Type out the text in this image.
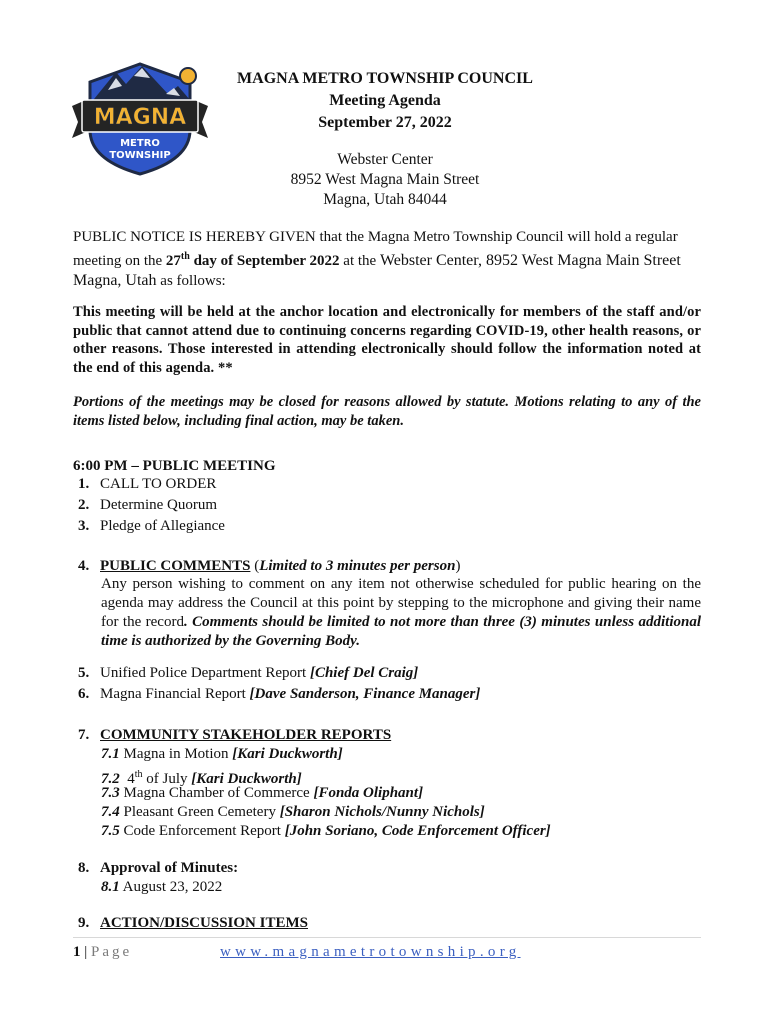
MAGNA
METRO
TOWNSHIP
MAGNA METRO TOWNSHIP COUNCIL
Meeting Agenda
September 27, 2022
Webster Center
8952 West Magna Main Street
Magna, Utah 84044
PUBLIC NOTICE IS HEREBY GIVEN that the Magna Metro Township Council will hold a regular
meeting on the 27th day of September 2022 at the Webster Center, 8952 West Magna Main Street
Magna, Utah as follows:
This meeting will be held at the anchor location and electronically for members of the staff and/or public that cannot attend due to continuing concerns regarding COVID-19, other health reasons, or other reasons. Those interested in attending electronically should follow the information noted at the end of this agenda. **
Portions of the meetings may be closed for reasons allowed by statute. Motions relating to any of the items listed below, including final action, may be taken.
6:00 PM – PUBLIC MEETING
1. CALL TO ORDER
2. Determine Quorum
3. Pledge of Allegiance
4. PUBLIC COMMENTS (Limited to 3 minutes per person)
Any person wishing to comment on any item not otherwise scheduled for public hearing on the agenda may address the Council at this point by stepping to the microphone and giving their name for the record. Comments should be limited to not more than three (3) minutes unless additional time is authorized by the Governing Body.
5. Unified Police Department Report [Chief Del Craig]
6. Magna Financial Report [Dave Sanderson, Finance Manager]
7. COMMUNITY STAKEHOLDER REPORTS
7.1 Magna in Motion [Kari Duckworth]
7.2  4th of July [Kari Duckworth]
7.3 Magna Chamber of Commerce [Fonda Oliphant]
7.4 Pleasant Green Cemetery [Sharon Nichols/Nunny Nichols]
7.5 Code Enforcement Report [John Soriano, Code Enforcement Officer]
8. Approval of Minutes:
8.1 August 23, 2022
9. ACTION/DISCUSSION ITEMS
1 | Page	www.magnametrotownship.org
